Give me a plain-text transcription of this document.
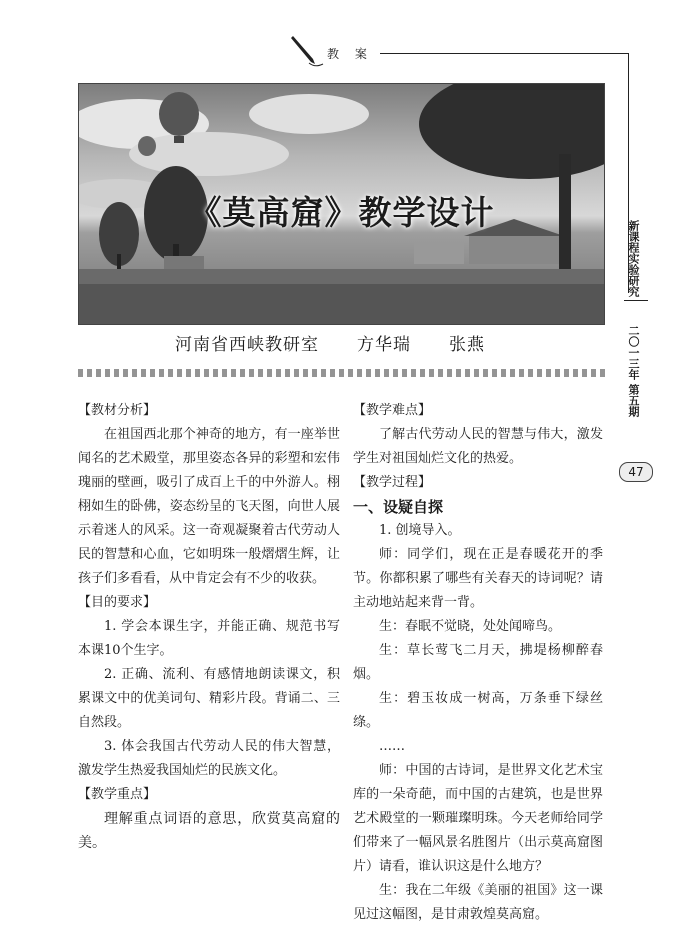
教 案
《莫高窟》教学设计
新课程实验研究
二〇一三年 第五期
47
河南省西峡教研室 方华瑞 张燕

【教材分析】

在祖国西北那个神奇的地方，有一座举世闻名的艺术殿堂，那里姿态各异的彩塑和宏伟瑰丽的壁画，吸引了成百上千的中外游人。栩栩如生的卧佛，姿态纷呈的飞天图，向世人展示着迷人的风采。这一奇观凝聚着古代劳动人民的智慧和心血，它如明珠一般熠熠生辉，让孩子们多看看，从中肯定会有不少的收获。

【目的要求】

1. 学会本课生字，并能正确、规范书写本课10个生字。

2. 正确、流利、有感情地朗读课文，积累课文中的优美词句、精彩片段。背诵二、三自然段。

3. 体会我国古代劳动人民的伟大智慧，激发学生热爱我国灿烂的民族文化。

【教学重点】

理解重点词语的意思，欣赏莫高窟的美。

【教学难点】

了解古代劳动人民的智慧与伟大，激发学生对祖国灿烂文化的热爱。

【教学过程】

一、设疑自探

1. 创境导入。

师：同学们，现在正是春暖花开的季节。你都积累了哪些有关春天的诗词呢？请主动地站起来背一背。

生：春眠不觉晓，处处闻啼鸟。

生：草长莺飞二月天，拂堤杨柳醉春烟。

生：碧玉妆成一树高，万条垂下绿丝绦。

……

师：中国的古诗词，是世界文化艺术宝库的一朵奇葩，而中国的古建筑，也是世界艺术殿堂的一颗璀璨明珠。今天老师给同学们带来了一幅风景名胜图片（出示莫高窟图片）请看，谁认识这是什么地方？

生：我在二年级《美丽的祖国》这一课见过这幅图，是甘肃敦煌莫高窟。
